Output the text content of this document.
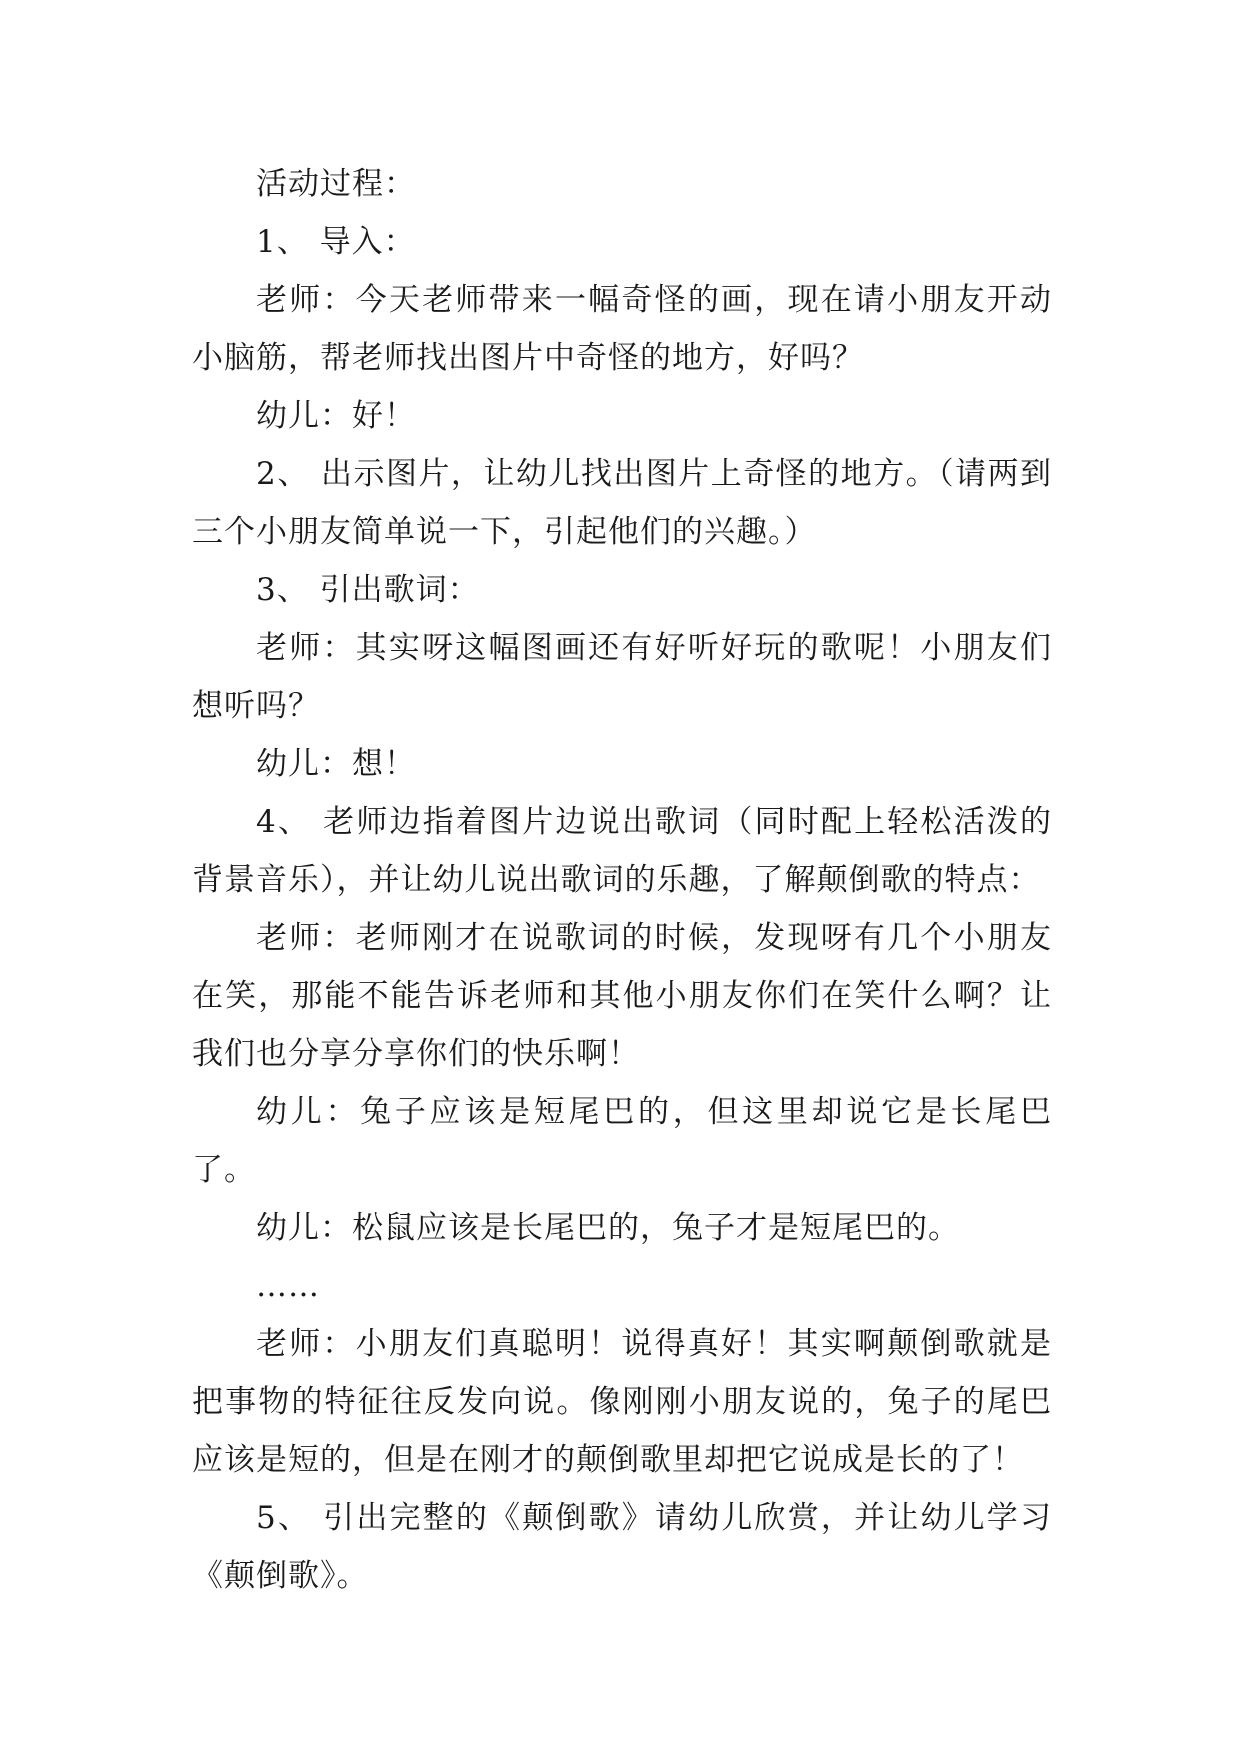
活动过程：

1、 导入：

老师：今天老师带来一幅奇怪的画，现在请小朋友开动小脑筋，帮老师找出图片中奇怪的地方，好吗？

幼儿：好！

2、 出示图片，让幼儿找出图片上奇怪的地方。（请两到三个小朋友简单说一下，引起他们的兴趣。）

3、 引出歌词：

老师：其实呀这幅图画还有好听好玩的歌呢！小朋友们想听吗？

幼儿：想！

4、 老师边指着图片边说出歌词（同时配上轻松活泼的背景音乐），并让幼儿说出歌词的乐趣，了解颠倒歌的特点：

老师：老师刚才在说歌词的时候，发现呀有几个小朋友在笑，那能不能告诉老师和其他小朋友你们在笑什么啊？让我们也分享分享你们的快乐啊！

幼儿：兔子应该是短尾巴的，但这里却说它是长尾巴了。

幼儿：松鼠应该是长尾巴的，兔子才是短尾巴的。

……

老师：小朋友们真聪明！说得真好！其实啊颠倒歌就是把事物的特征往反发向说。像刚刚小朋友说的，兔子的尾巴应该是短的，但是在刚才的颠倒歌里却把它说成是长的了！

5、 引出完整的《颠倒歌》请幼儿欣赏，并让幼儿学习《颠倒歌》。
